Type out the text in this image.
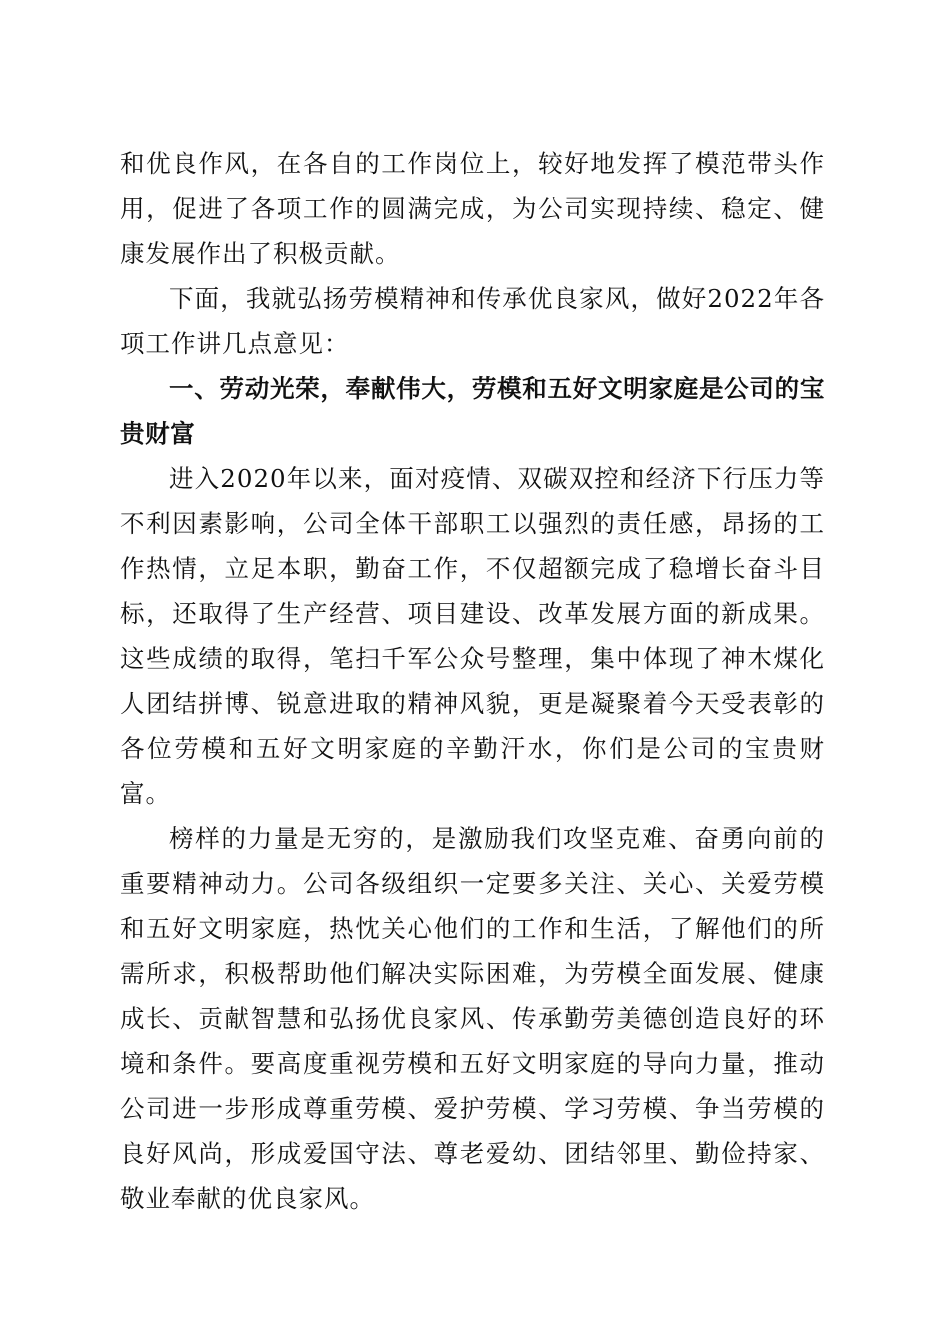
和优良作风，在各自的工作岗位上，较好地发挥了模范带头作用，促进了各项工作的圆满完成，为公司实现持续、稳定、健康发展作出了积极贡献。

下面，我就弘扬劳模精神和传承优良家风，做好2022年各项工作讲几点意见：

一、劳动光荣，奉献伟大，劳模和五好文明家庭是公司的宝贵财富

进入2020年以来，面对疫情、双碳双控和经济下行压力等不利因素影响，公司全体干部职工以强烈的责任感，昂扬的工作热情，立足本职，勤奋工作，不仅超额完成了稳增长奋斗目标，还取得了生产经营、项目建设、改革发展方面的新成果。这些成绩的取得，笔扫千军公众号整理，集中体现了神木煤化人团结拼博、锐意进取的精神风貌，更是凝聚着今天受表彰的各位劳模和五好文明家庭的辛勤汗水，你们是公司的宝贵财富。

榜样的力量是无穷的，是激励我们攻坚克难、奋勇向前的重要精神动力。公司各级组织一定要多关注、关心、关爱劳模和五好文明家庭，热忱关心他们的工作和生活，了解他们的所需所求，积极帮助他们解决实际困难，为劳模全面发展、健康成长、贡献智慧和弘扬优良家风、传承勤劳美德创造良好的环境和条件。要高度重视劳模和五好文明家庭的导向力量，推动公司进一步形成尊重劳模、爱护劳模、学习劳模、争当劳模的良好风尚，形成爱国守法、尊老爱幼、团结邻里、勤俭持家、敬业奉献的优良家风。
